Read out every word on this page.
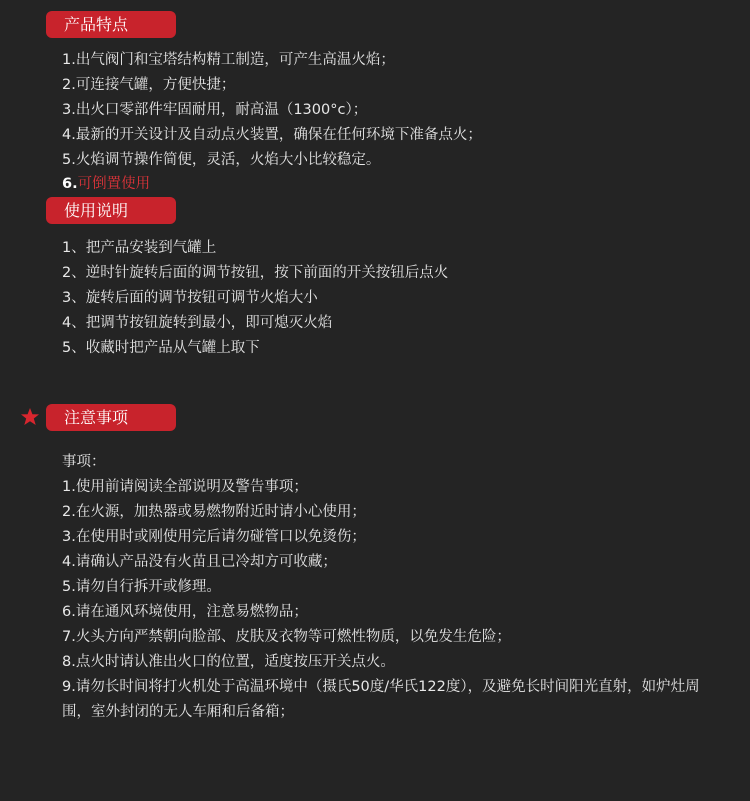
产品特点
1.出气阀门和宝塔结构精工制造，可产生高温火焰；
2.可连接气罐，方便快捷；
3.出火口零部件牢固耐用，耐高温（1300°c）；
4.最新的开关设计及自动点火装置，确保在任何环境下准备点火；
5.火焰调节操作简便，灵活，火焰大小比较稳定。
6.可倒置使用
使用说明
1、把产品安装到气罐上
2、逆时针旋转后面的调节按钮，按下前面的开关按钮后点火
3、旋转后面的调节按钮可调节火焰大小
4、把调节按钮旋转到最小，即可熄灭火焰
5、收藏时把产品从气罐上取下
注意事项
事项：
1.使用前请阅读全部说明及警告事项；
2.在火源，加热器或易燃物附近时请小心使用；
3.在使用时或刚使用完后请勿碰管口以免烫伤；
4.请确认产品没有火苗且已冷却方可收藏；
5.请勿自行拆开或修理。
6.请在通风环境使用，注意易燃物品；
7.火头方向严禁朝向脸部、皮肤及衣物等可燃性物质，以免发生危险；
8.点火时请认准出火口的位置，适度按压开关点火。
9.请勿长时间将打火机处于高温环境中（摄氏50度/华氏122度），及避免长时间阳光直射，如炉灶周围，室外封闭的无人车厢和后备箱；
